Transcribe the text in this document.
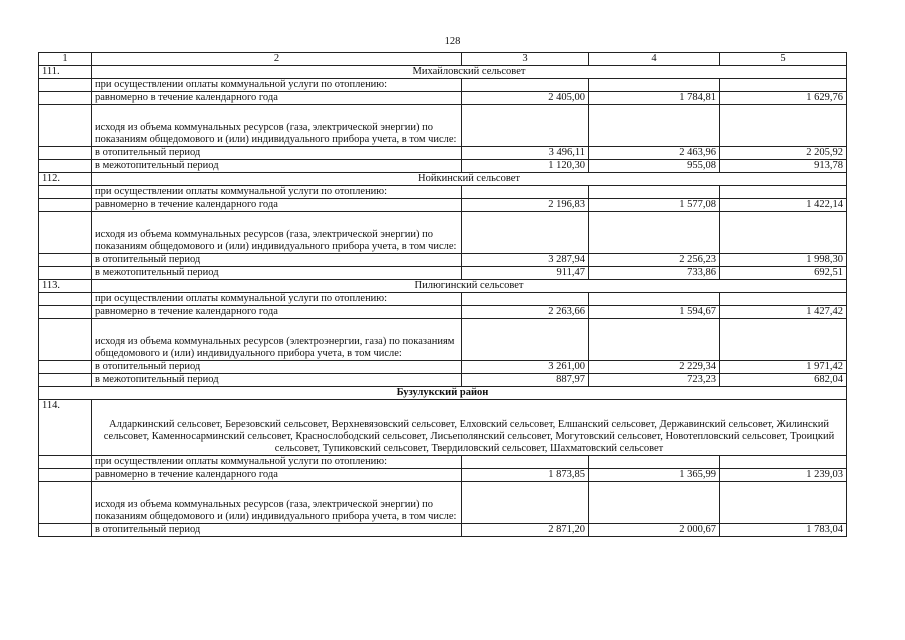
128
1	2	3	4	5
111.	Михайловский сельсовет			
	при осуществлении оплаты коммунальной услуги по отоплению:			
	равномерно в течение календарного года	2 405,00	1 784,81	1 629,76
	исходя из объема коммунальных ресурсов (газа, электрической энергии) по показаниям общедомового и (или) индивидуального прибора учета, в том числе:			
	в отопительный период	3 496,11	2 463,96	2 205,92
	в межотопительный период	1 120,30	955,08	913,78
112.	Нойкинский сельсовет			
	при осуществлении оплаты коммунальной услуги по отоплению:			
	равномерно в течение календарного года	2 196,83	1 577,08	1 422,14
	исходя из объема коммунальных ресурсов (газа, электрической энергии) по показаниям общедомового и (или) индивидуального прибора учета, в том числе:			
	в отопительный период	3 287,94	2 256,23	1 998,30
	в межотопительный период	911,47	733,86	692,51
113.	Пилюгинский сельсовет			
	при осуществлении оплаты коммунальной услуги по отоплению:			
	равномерно в течение календарного года	2 263,66	1 594,67	1 427,42
	исходя из объема коммунальных ресурсов (электроэнергии, газа) по показаниям общедомового и (или) индивидуального прибора учета, в том числе:			
	в отопительный период	3 261,00	2 229,34	1 971,42
	в межотопительный период	887,97	723,23	682,04
Бузулукский район				
114.	Алдаркинский сельсовет, Березовский сельсовет, Верхневязовский сельсовет, Елховский сельсовет, Елшанский сельсовет, Державинский сельсовет, Жилинский сельсовет, Каменносарминский сельсовет, Краснослободский сельсовет, Лисьеполянский сельсовет, Могутовский сельсовет, Новотепловский сельсовет, Троицкий сельсовет, Тупиковский сельсовет, Твердиловский сельсовет, Шахматовский сельсовет			
	при осуществлении оплаты коммунальной услуги по отоплению:			
	равномерно в течение календарного года	1 873,85	1 365,99	1 239,03
	исходя из объема коммунальных ресурсов (газа, электрической энергии) по показаниям общедомового и (или) индивидуального прибора учета, в том числе:			
	в отопительный период	2 871,20	2 000,67	1 783,04
